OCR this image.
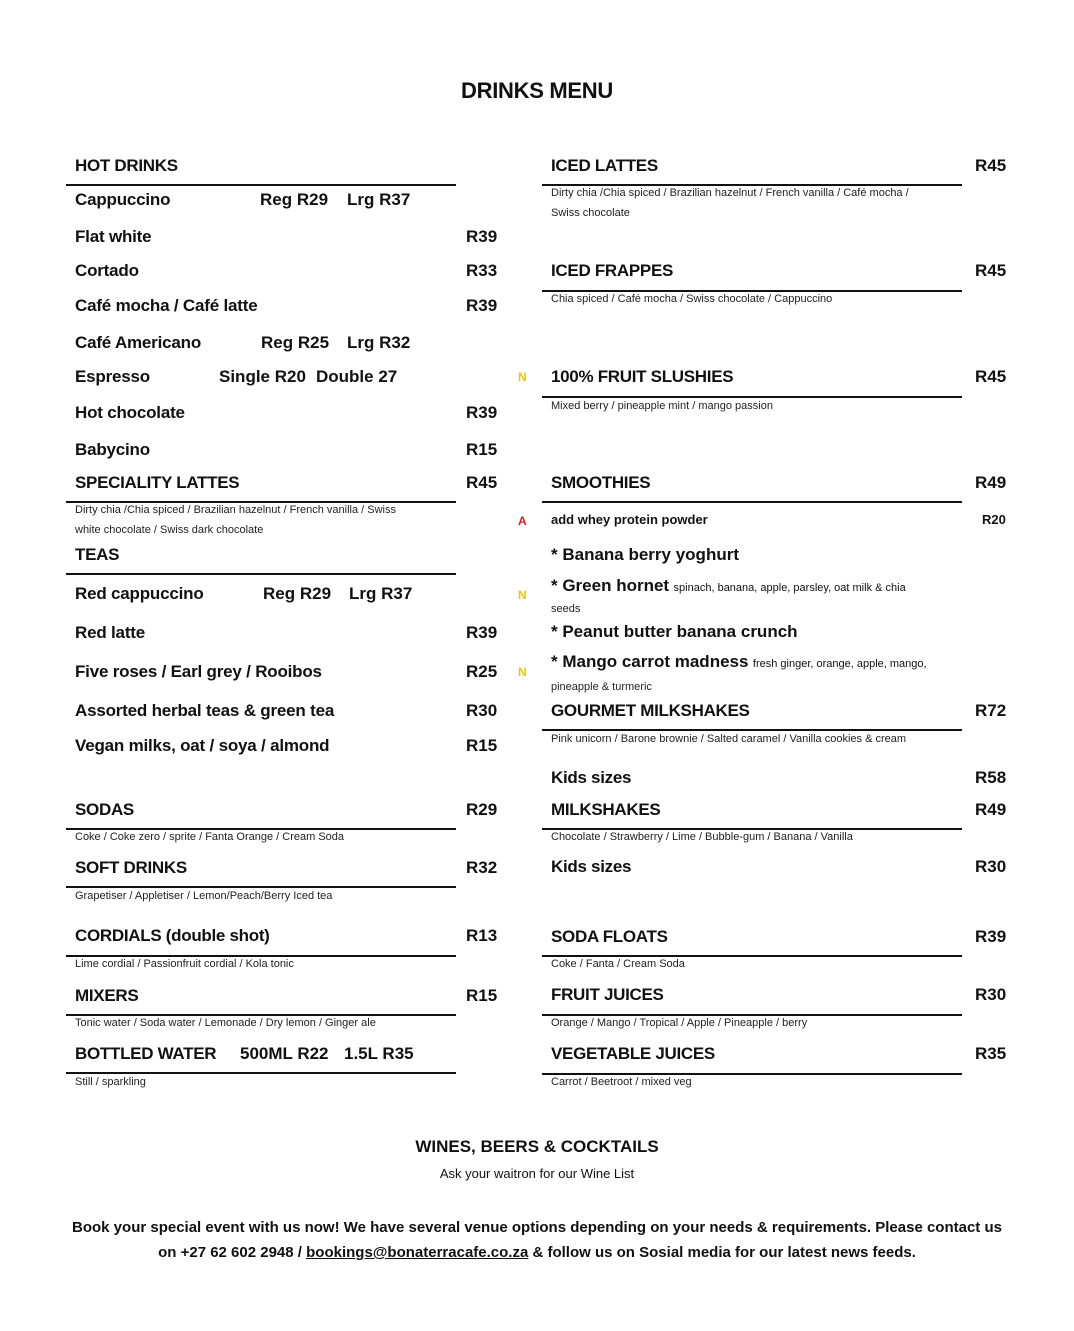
DRINKS MENU
HOT DRINKS
Cappuccino	Reg R29 Lrg R37
Flat white	R39
Cortado	R33
Café mocha / Café latte	R39
Café Americano	Reg R25 Lrg R32
Espresso	Single R20 Double 27
Hot chocolate	R39
Babycino	R15
SPECIALITY LATTES	R45
Dirty chia /Chia spiced / Brazilian hazelnut / French vanilla / Swiss
white chocolate / Swiss dark chocolate
TEAS
Red cappuccino	Reg R29 Lrg R37
Red latte	R39
Five roses / Earl grey / Rooibos	R25
Assorted herbal teas & green tea	R30
Vegan milks, oat / soya / almond	R15
SODAS	R29
Coke / Coke zero / sprite / Fanta Orange / Cream Soda
SOFT DRINKS	R32
Grapetiser / Appletiser / Lemon/Peach/Berry Iced tea
CORDIALS (double shot)	R13
Lime cordial / Passionfruit cordial / Kola tonic
MIXERS	R15
Tonic water / Soda water / Lemonade / Dry lemon / Ginger ale
BOTTLED WATER 500ML R22 1.5L R35
Still / sparkling
ICED LATTES	R45
Dirty chia /Chia spiced / Brazilian hazelnut / French vanilla / Café mocha /
Swiss chocolate
ICED FRAPPES	R45
Chia spiced / Café mocha / Swiss chocolate / Cappuccino
N 100% FRUIT SLUSHIES	R45
Mixed berry / pineapple mint / mango passion
SMOOTHIES	R49
A add whey protein powder	R20
* Banana berry yoghurt
N * Green hornet spinach, banana, apple, parsley, oat milk & chia
seeds
* Peanut butter banana crunch
N
* Mango carrot madness fresh ginger, orange, apple, mango,
pineapple & turmeric
GOURMET MILKSHAKES	R72
Pink unicorn / Barone brownie / Salted caramel / Vanilla cookies & cream
Kids sizes	R58
MILKSHAKES	R49
Chocolate / Strawberry / Lime / Bubble-gum / Banana / Vanilla
Kids sizes	R30
SODA FLOATS	R39
Coke / Fanta / Cream Soda
FRUIT JUICES	R30
Orange / Mango / Tropical / Apple / Pineapple / berry
VEGETABLE JUICES	R35
Carrot / Beetroot / mixed veg
WINES, BEERS & COCKTAILS
Ask your waitron for our Wine List
Book your special event with us now! We have several venue options depending on your needs & requirements. Please contact us
on +27 62 602 2948 / bookings@bonaterracafe.co.za & follow us on Sosial media for our latest news feeds.
